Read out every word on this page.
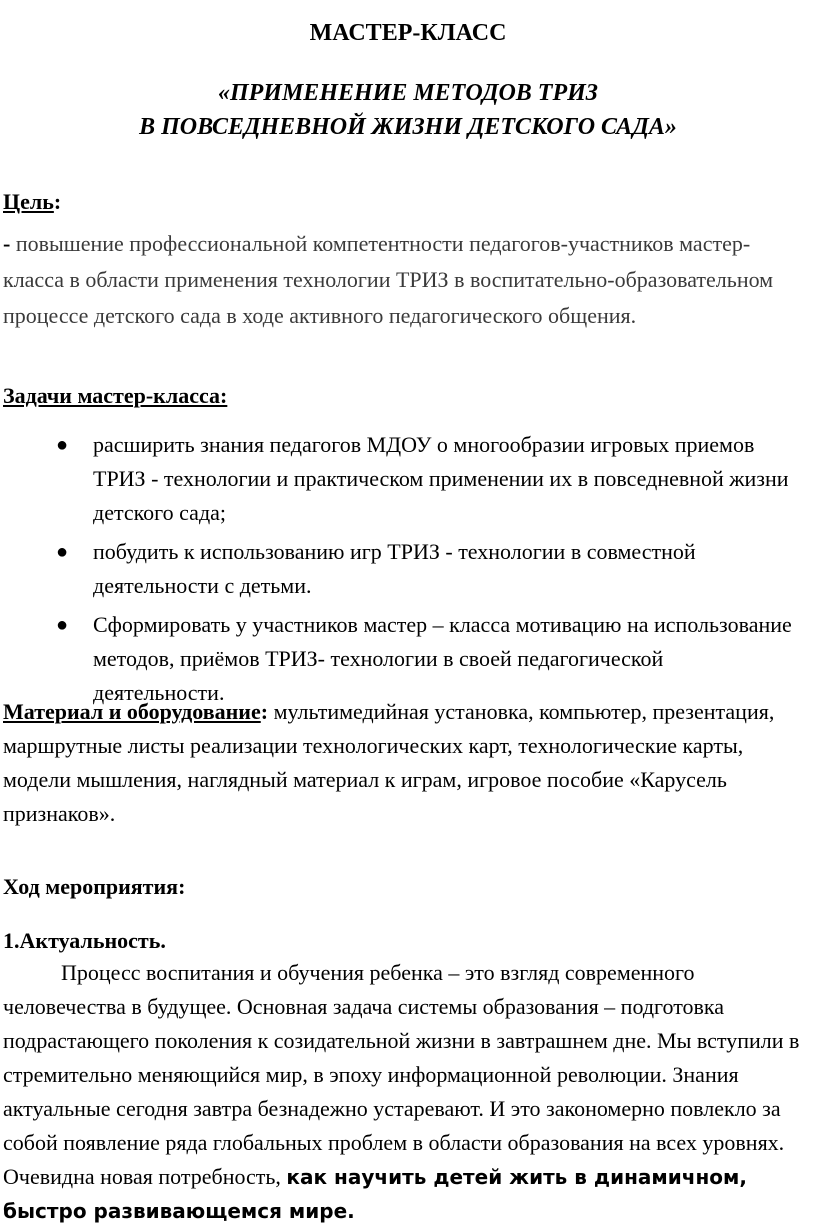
МАСТЕР-КЛАСС
«ПРИМЕНЕНИЕ МЕТОДОВ ТРИЗ
В ПОВСЕДНЕВНОЙ ЖИЗНИ ДЕТСКОГО САДА»
Цель:
- повышение профессиональной компетентности педагогов-участников мастер-класса в области применения технологии ТРИЗ в воспитательно-образовательном процессе детского сада в ходе активного педагогического общения.
Задачи мастер-класса:
● расширить знания педагогов МДОУ о многообразии игровых приемов ТРИЗ - технологии и практическом применении их в повседневной жизни детского сада;
● побудить к использованию игр ТРИЗ - технологии в совместной деятельности с детьми.
● Сформировать у участников мастер – класса мотивацию на использование методов, приёмов ТРИЗ- технологии в своей педагогической деятельности.
Материал и оборудование: мультимедийная установка, компьютер, презентация, маршрутные листы реализации технологических карт, технологические карты, модели мышления, наглядный материал к играм, игровое пособие «Карусель признаков».
Ход мероприятия:
1.Актуальность.
Процесс воспитания и обучения ребенка – это взгляд современного человечества в будущее. Основная задача системы образования – подготовка подрастающего поколения к созидательной жизни в завтрашнем дне. Мы вступили в стремительно меняющийся мир, в эпоху информационной революции. Знания актуальные сегодня завтра безнадежно устаревают. И это закономерно повлекло за собой появление ряда глобальных проблем в области образования на всех уровнях. Очевидна новая потребность, как научить детей жить в динамичном, быстро развивающемся мире.
